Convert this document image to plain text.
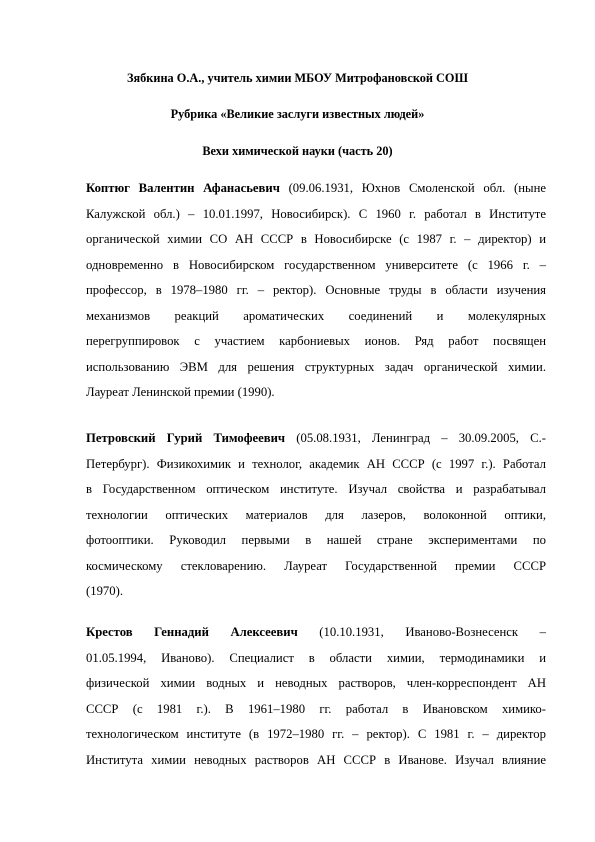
Зябкина О.А., учитель химии МБОУ Митрофановской СОШ
Рубрика «Великие заслуги известных людей»
Вехи химической науки (часть 20)
Коптюг Валентин Афанасьевич (09.06.1931, Юхнов Смоленской обл. (ныне
Калужской обл.) – 10.01.1997, Новосибирск). С 1960 г. работал в Институте
органической химии СО АН СССР в Новосибирске (с 1987 г. – директор) и
одновременно в Новосибирском государственном университете (с 1966 г. –
профессор, в 1978–1980 гг. – ректор). Основные труды в области изучения
механизмов реакций ароматических соединений и молекулярных
перегруппировок с участием карбониевых ионов. Ряд работ посвящен
использованию ЭВМ для решения структурных задач органической химии.
Лауреат Ленинской премии (1990).
Петровский Гурий Тимофеевич (05.08.1931, Ленинград – 30.09.2005, С.-
Петербург). Физикохимик и технолог, академик АН СССР (с 1997 г.). Работал
в Государственном оптическом институте. Изучал свойства и разрабатывал
технологии оптических материалов для лазеров, волоконной оптики,
фотооптики. Руководил первыми в нашей стране экспериментами по
космическому стекловарению. Лауреат Государственной премии СССР
(1970).
Крестов Геннадий Алексеевич (10.10.1931, Иваново-Вознесенск –
01.05.1994, Иваново). Специалист в области химии, термодинамики и
физической химии водных и неводных растворов, член-корреспондент АН
СССР (с 1981 г.). В 1961–1980 гг. работал в Ивановском химико-
технологическом институте (в 1972–1980 гг. – ректор). С 1981 г. – директор
Института химии неводных растворов АН СССР в Иванове. Изучал влияние
